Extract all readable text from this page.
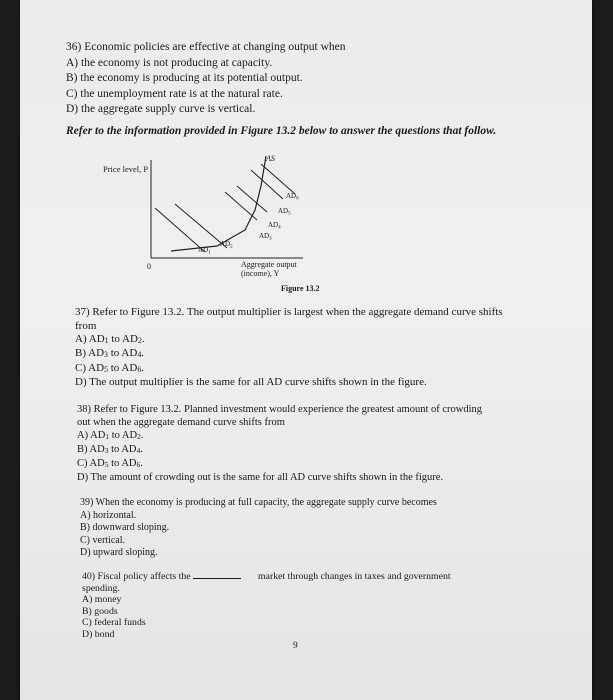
36) Economic policies are effective at changing output when
A) the economy is not producing at capacity.
B) the economy is producing at its potential output.
C) the unemployment rate is at the natural rate.
D) the aggregate supply curve is vertical.
Refer to the information provided in Figure 13.2 below to answer the questions that follow.
Price level, P
0	Aggregate output
(income), Y
AS
$AD_1$
$AD_2$
$AD_3$
$AD_4$
$AD_5$
$AD_6$
Figure 13.2
37) Refer to Figure 13.2. The output multiplier is largest when the aggregate demand curve shifts
from
A) AD1 to AD2.
B) AD3 to AD4.
C) AD5 to AD6.
D) The output multiplier is the same for all AD curve shifts shown in the figure.
38) Refer to Figure 13.2. Planned investment would experience the greatest amount of crowding
out when the aggregate demand curve shifts from
A) AD1 to AD2.
B) AD3 to AD4.
C) AD5 to AD6.
D) The amount of crowding out is the same for all AD curve shifts shown in the figure.
39) When the economy is producing at full capacity, the aggregate supply curve becomes
A) horizontal.
B) downward sloping.
C) vertical.
D) upward sloping.
40) Fiscal policy affects the
spending.
A) money
B) goods
C) federal funds
D) bond
market through changes in taxes and government
9
